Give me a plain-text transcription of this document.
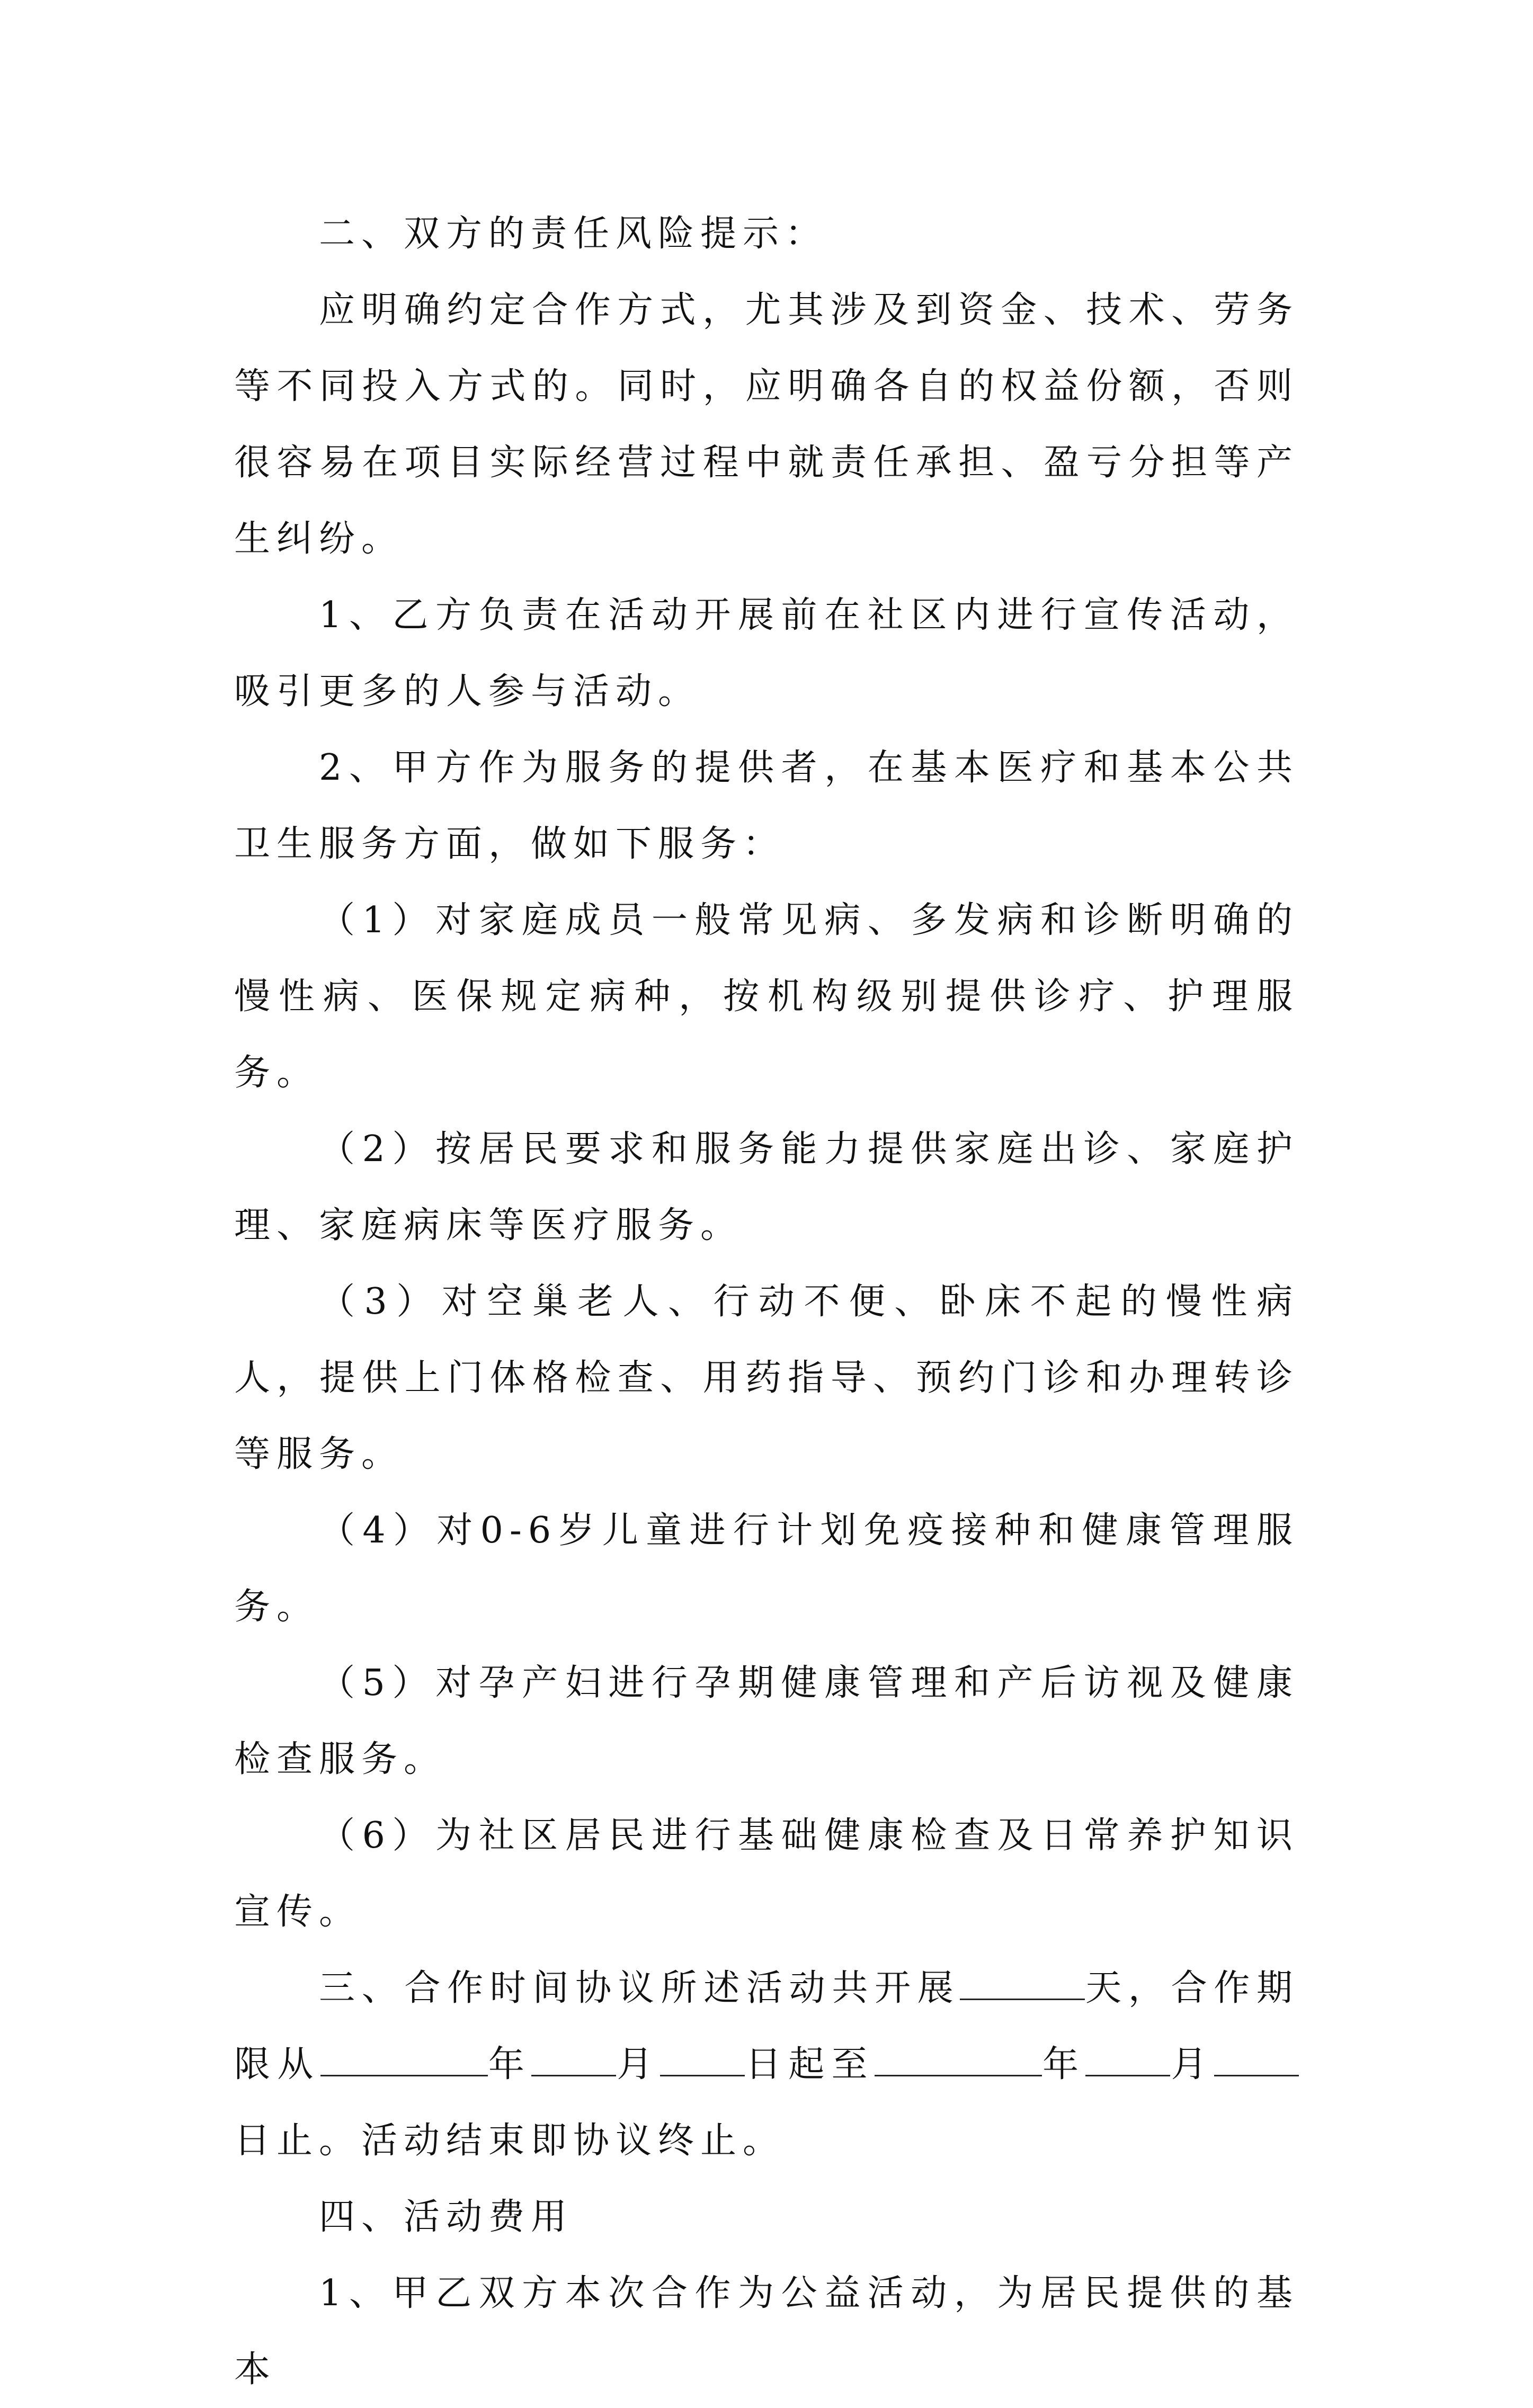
二、双方的责任风险提示：

应明确约定合作方式，尤其涉及到资金、技术、劳务等不同投入方式的。同时，应明确各自的权益份额，否则很容易在项目实际经营过程中就责任承担、盈亏分担等产生纠纷。

1、乙方负责在活动开展前在社区内进行宣传活动，吸引更多的人参与活动。

2、甲方作为服务的提供者，在基本医疗和基本公共卫生服务方面，做如下服务：

（1）对家庭成员一般常见病、多发病和诊断明确的慢性病、医保规定病种，按机构级别提供诊疗、护理服务。

（2）按居民要求和服务能力提供家庭出诊、家庭护理、家庭病床等医疗服务。

（3）对空巢老人、行动不便、卧床不起的慢性病人，提供上门体格检查、用药指导、预约门诊和办理转诊等服务。

（4）对0-6岁儿童进行计划免疫接种和健康管理服务。

（5）对孕产妇进行孕期健康管理和产后访视及健康检查服务。

（6）为社区居民进行基础健康检查及日常养护知识宣传。

三、合作时间协议所述活动共开展	天，合作期限从	年 月 日起至	年 月日止。活动结束即协议终止。

四、活动费用

1、甲乙双方本次合作为公益活动，为居民提供的基本
